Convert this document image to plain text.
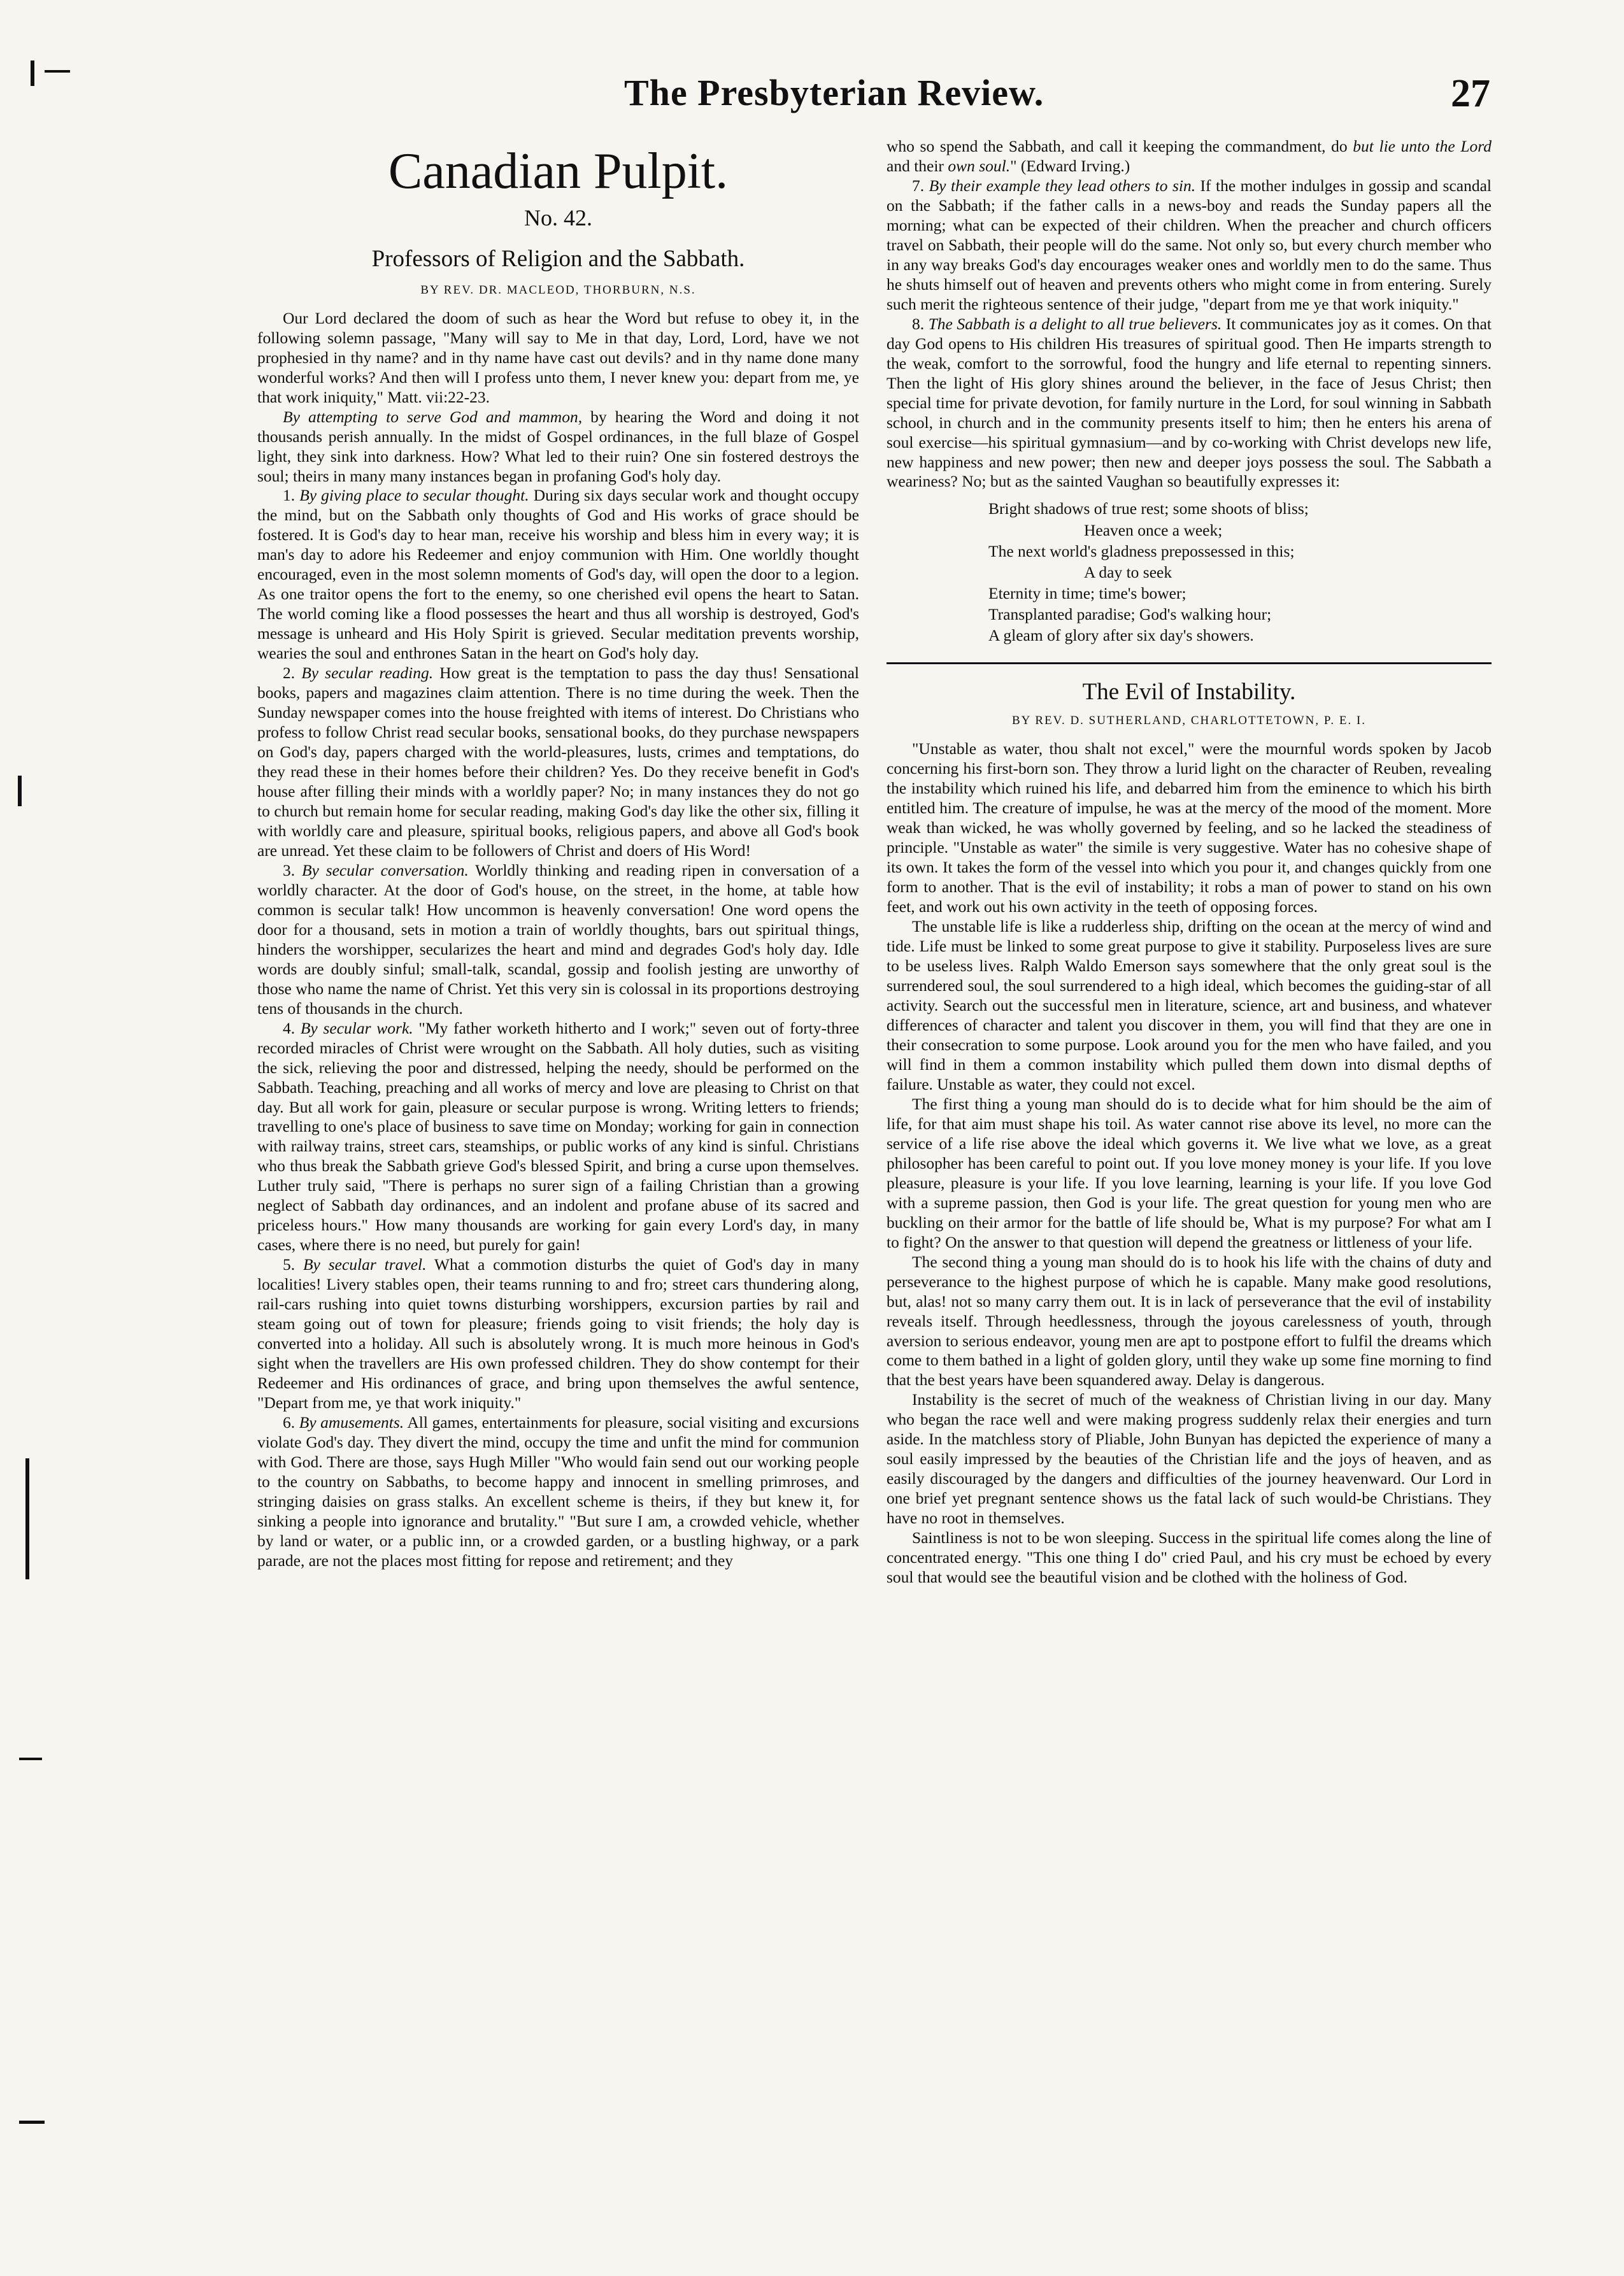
The Presbyterian Review.	27
Canadian Pulpit.
No. 42.
Professors of Religion and the Sabbath.
BY REV. DR. MACLEOD, THORBURN, N.S.

Our Lord declared the doom of such as hear the Word but refuse to obey it, in the following solemn passage, "Many will say to Me in that day, Lord, Lord, have we not prophesied in thy name? and in thy name have cast out devils? and in thy name done many wonderful works? And then will I profess unto them, I never knew you: depart from me, ye that work iniquity," Matt. vii:22-23.

By attempting to serve God and mammon, by hearing the Word and doing it not thousands perish annually. In the midst of Gospel ordinances, in the full blaze of Gospel light, they sink into darkness. How? What led to their ruin? One sin fostered destroys the soul; theirs in many many instances began in profaning God's holy day.

1. By giving place to secular thought. During six days secular work and thought occupy the mind, but on the Sabbath only thoughts of God and His works of grace should be fostered. It is God's day to hear man, receive his worship and bless him in every way; it is man's day to adore his Redeemer and enjoy communion with Him. One worldly thought encouraged, even in the most solemn moments of God's day, will open the door to a legion. As one traitor opens the fort to the enemy, so one cherished evil opens the heart to Satan. The world coming like a flood possesses the heart and thus all worship is destroyed, God's message is unheard and His Holy Spirit is grieved. Secular meditation prevents worship, wearies the soul and enthrones Satan in the heart on God's holy day.

2. By secular reading. How great is the temptation to pass the day thus! Sensational books, papers and magazines claim attention. There is no time during the week. Then the Sunday newspaper comes into the house freighted with items of interest. Do Christians who profess to follow Christ read secular books, sensational books, do they purchase newspapers on God's day, papers charged with the world-pleasures, lusts, crimes and temptations, do they read these in their homes before their children? Yes. Do they receive benefit in God's house after filling their minds with a worldly paper? No; in many instances they do not go to church but remain home for secular reading, making God's day like the other six, filling it with worldly care and pleasure, spiritual books, religious papers, and above all God's book are unread. Yet these claim to be followers of Christ and doers of His Word!

3. By secular conversation. Worldly thinking and reading ripen in conversation of a worldly character. At the door of God's house, on the street, in the home, at table how common is secular talk! How uncommon is heavenly conversation! One word opens the door for a thousand, sets in motion a train of worldly thoughts, bars out spiritual things, hinders the worshipper, secularizes the heart and mind and degrades God's holy day. Idle words are doubly sinful; small-talk, scandal, gossip and foolish jesting are unworthy of those who name the name of Christ. Yet this very sin is colossal in its proportions destroying tens of thousands in the church.

4. By secular work. "My father worketh hitherto and I work;" seven out of forty-three recorded miracles of Christ were wrought on the Sabbath. All holy duties, such as visiting the sick, relieving the poor and distressed, helping the needy, should be performed on the Sabbath. Teaching, preaching and all works of mercy and love are pleasing to Christ on that day. But all work for gain, pleasure or secular purpose is wrong. Writing letters to friends; travelling to one's place of business to save time on Monday; working for gain in connection with railway trains, street cars, steamships, or public works of any kind is sinful. Christians who thus break the Sabbath grieve God's blessed Spirit, and bring a curse upon themselves. Luther truly said, "There is perhaps no surer sign of a failing Christian than a growing neglect of Sabbath day ordinances, and an indolent and profane abuse of its sacred and priceless hours." How many thousands are working for gain every Lord's day, in many cases, where there is no need, but purely for gain!

5. By secular travel. What a commotion disturbs the quiet of God's day in many localities! Livery stables open, their teams running to and fro; street cars thundering along, rail-cars rushing into quiet towns disturbing worshippers, excursion parties by rail and steam going out of town for pleasure; friends going to visit friends; the holy day is converted into a holiday. All such is absolutely wrong. It is much more heinous in God's sight when the travellers are His own professed children. They do show contempt for their Redeemer and His ordinances of grace, and bring upon themselves the awful sentence, "Depart from me, ye that work iniquity."

6. By amusements. All games, entertainments for pleasure, social visiting and excursions violate God's day. They divert the mind, occupy the time and unfit the mind for communion with God. There are those, says Hugh Miller "Who would fain send out our working people to the country on Sabbaths, to become happy and innocent in smelling primroses, and stringing daisies on grass stalks. An excellent scheme is theirs, if they but knew it, for sinking a people into ignorance and brutality." "But sure I am, a crowded vehicle, whether by land or water, or a public inn, or a crowded garden, or a bustling highway, or a park parade, are not the places most fitting for repose and retirement; and they

who so spend the Sabbath, and call it keeping the commandment, do but lie unto the Lord and their own soul." (Edward Irving.)

7. By their example they lead others to sin. If the mother indulges in gossip and scandal on the Sabbath; if the father calls in a news-boy and reads the Sunday papers all the morning; what can be expected of their children. When the preacher and church officers travel on Sabbath, their people will do the same. Not only so, but every church member who in any way breaks God's day encourages weaker ones and worldly men to do the same. Thus he shuts himself out of heaven and prevents others who might come in from entering. Surely such merit the righteous sentence of their judge, "depart from me ye that work iniquity."

8. The Sabbath is a delight to all true believers. It communicates joy as it comes. On that day God opens to His children His treasures of spiritual good. Then He imparts strength to the weak, comfort to the sorrowful, food the hungry and life eternal to repenting sinners. Then the light of His glory shines around the believer, in the face of Jesus Christ; then special time for private devotion, for family nurture in the Lord, for soul winning in Sabbath school, in church and in the community presents itself to him; then he enters his arena of soul exercise—his spiritual gymnasium—and by co-working with Christ develops new life, new happiness and new power; then new and deeper joys possess the soul. The Sabbath a weariness? No; but as the sainted Vaughan so beautifully expresses it:

Bright shadows of true rest; some shoots of bliss;
Heaven once a week;
The next world's gladness prepossessed in this;
A day to seek
Eternity in time; time's bower;
Transplanted paradise; God's walking hour;
A gleam of glory after six day's showers.
The Evil of Instability.
BY REV. D. SUTHERLAND, CHARLOTTETOWN, P. E. I.

"Unstable as water, thou shalt not excel," were the mournful words spoken by Jacob concerning his first-born son. They throw a lurid light on the character of Reuben, revealing the instability which ruined his life, and debarred him from the eminence to which his birth entitled him. The creature of impulse, he was at the mercy of the mood of the moment. More weak than wicked, he was wholly governed by feeling, and so he lacked the steadiness of principle. "Unstable as water" the simile is very suggestive. Water has no cohesive shape of its own. It takes the form of the vessel into which you pour it, and changes quickly from one form to another. That is the evil of instability; it robs a man of power to stand on his own feet, and work out his own activity in the teeth of opposing forces.

The unstable life is like a rudderless ship, drifting on the ocean at the mercy of wind and tide. Life must be linked to some great purpose to give it stability. Purposeless lives are sure to be useless lives. Ralph Waldo Emerson says somewhere that the only great soul is the surrendered soul, the soul surrendered to a high ideal, which becomes the guiding-star of all activity. Search out the successful men in literature, science, art and business, and whatever differences of character and talent you discover in them, you will find that they are one in their consecration to some purpose. Look around you for the men who have failed, and you will find in them a common instability which pulled them down into dismal depths of failure. Unstable as water, they could not excel.

The first thing a young man should do is to decide what for him should be the aim of life, for that aim must shape his toil. As water cannot rise above its level, no more can the service of a life rise above the ideal which governs it. We live what we love, as a great philosopher has been careful to point out. If you love money money is your life. If you love pleasure, pleasure is your life. If you love learning, learning is your life. If you love God with a supreme passion, then God is your life. The great question for young men who are buckling on their armor for the battle of life should be, What is my purpose? For what am I to fight? On the answer to that question will depend the greatness or littleness of your life.

The second thing a young man should do is to hook his life with the chains of duty and perseverance to the highest purpose of which he is capable. Many make good resolutions, but, alas! not so many carry them out. It is in lack of perseverance that the evil of instability reveals itself. Through heedlessness, through the joyous carelessness of youth, through aversion to serious endeavor, young men are apt to postpone effort to fulfil the dreams which come to them bathed in a light of golden glory, until they wake up some fine morning to find that the best years have been squandered away. Delay is dangerous.

Instability is the secret of much of the weakness of Christian living in our day. Many who began the race well and were making progress suddenly relax their energies and turn aside. In the matchless story of Pliable, John Bunyan has depicted the experience of many a soul easily impressed by the beauties of the Christian life and the joys of heaven, and as easily discouraged by the dangers and difficulties of the journey heavenward. Our Lord in one brief yet pregnant sentence shows us the fatal lack of such would-be Christians. They have no root in themselves.

Saintliness is not to be won sleeping. Success in the spiritual life comes along the line of concentrated energy. "This one thing I do" cried Paul, and his cry must be echoed by every soul that would see the beautiful vision and be clothed with the holiness of God.
